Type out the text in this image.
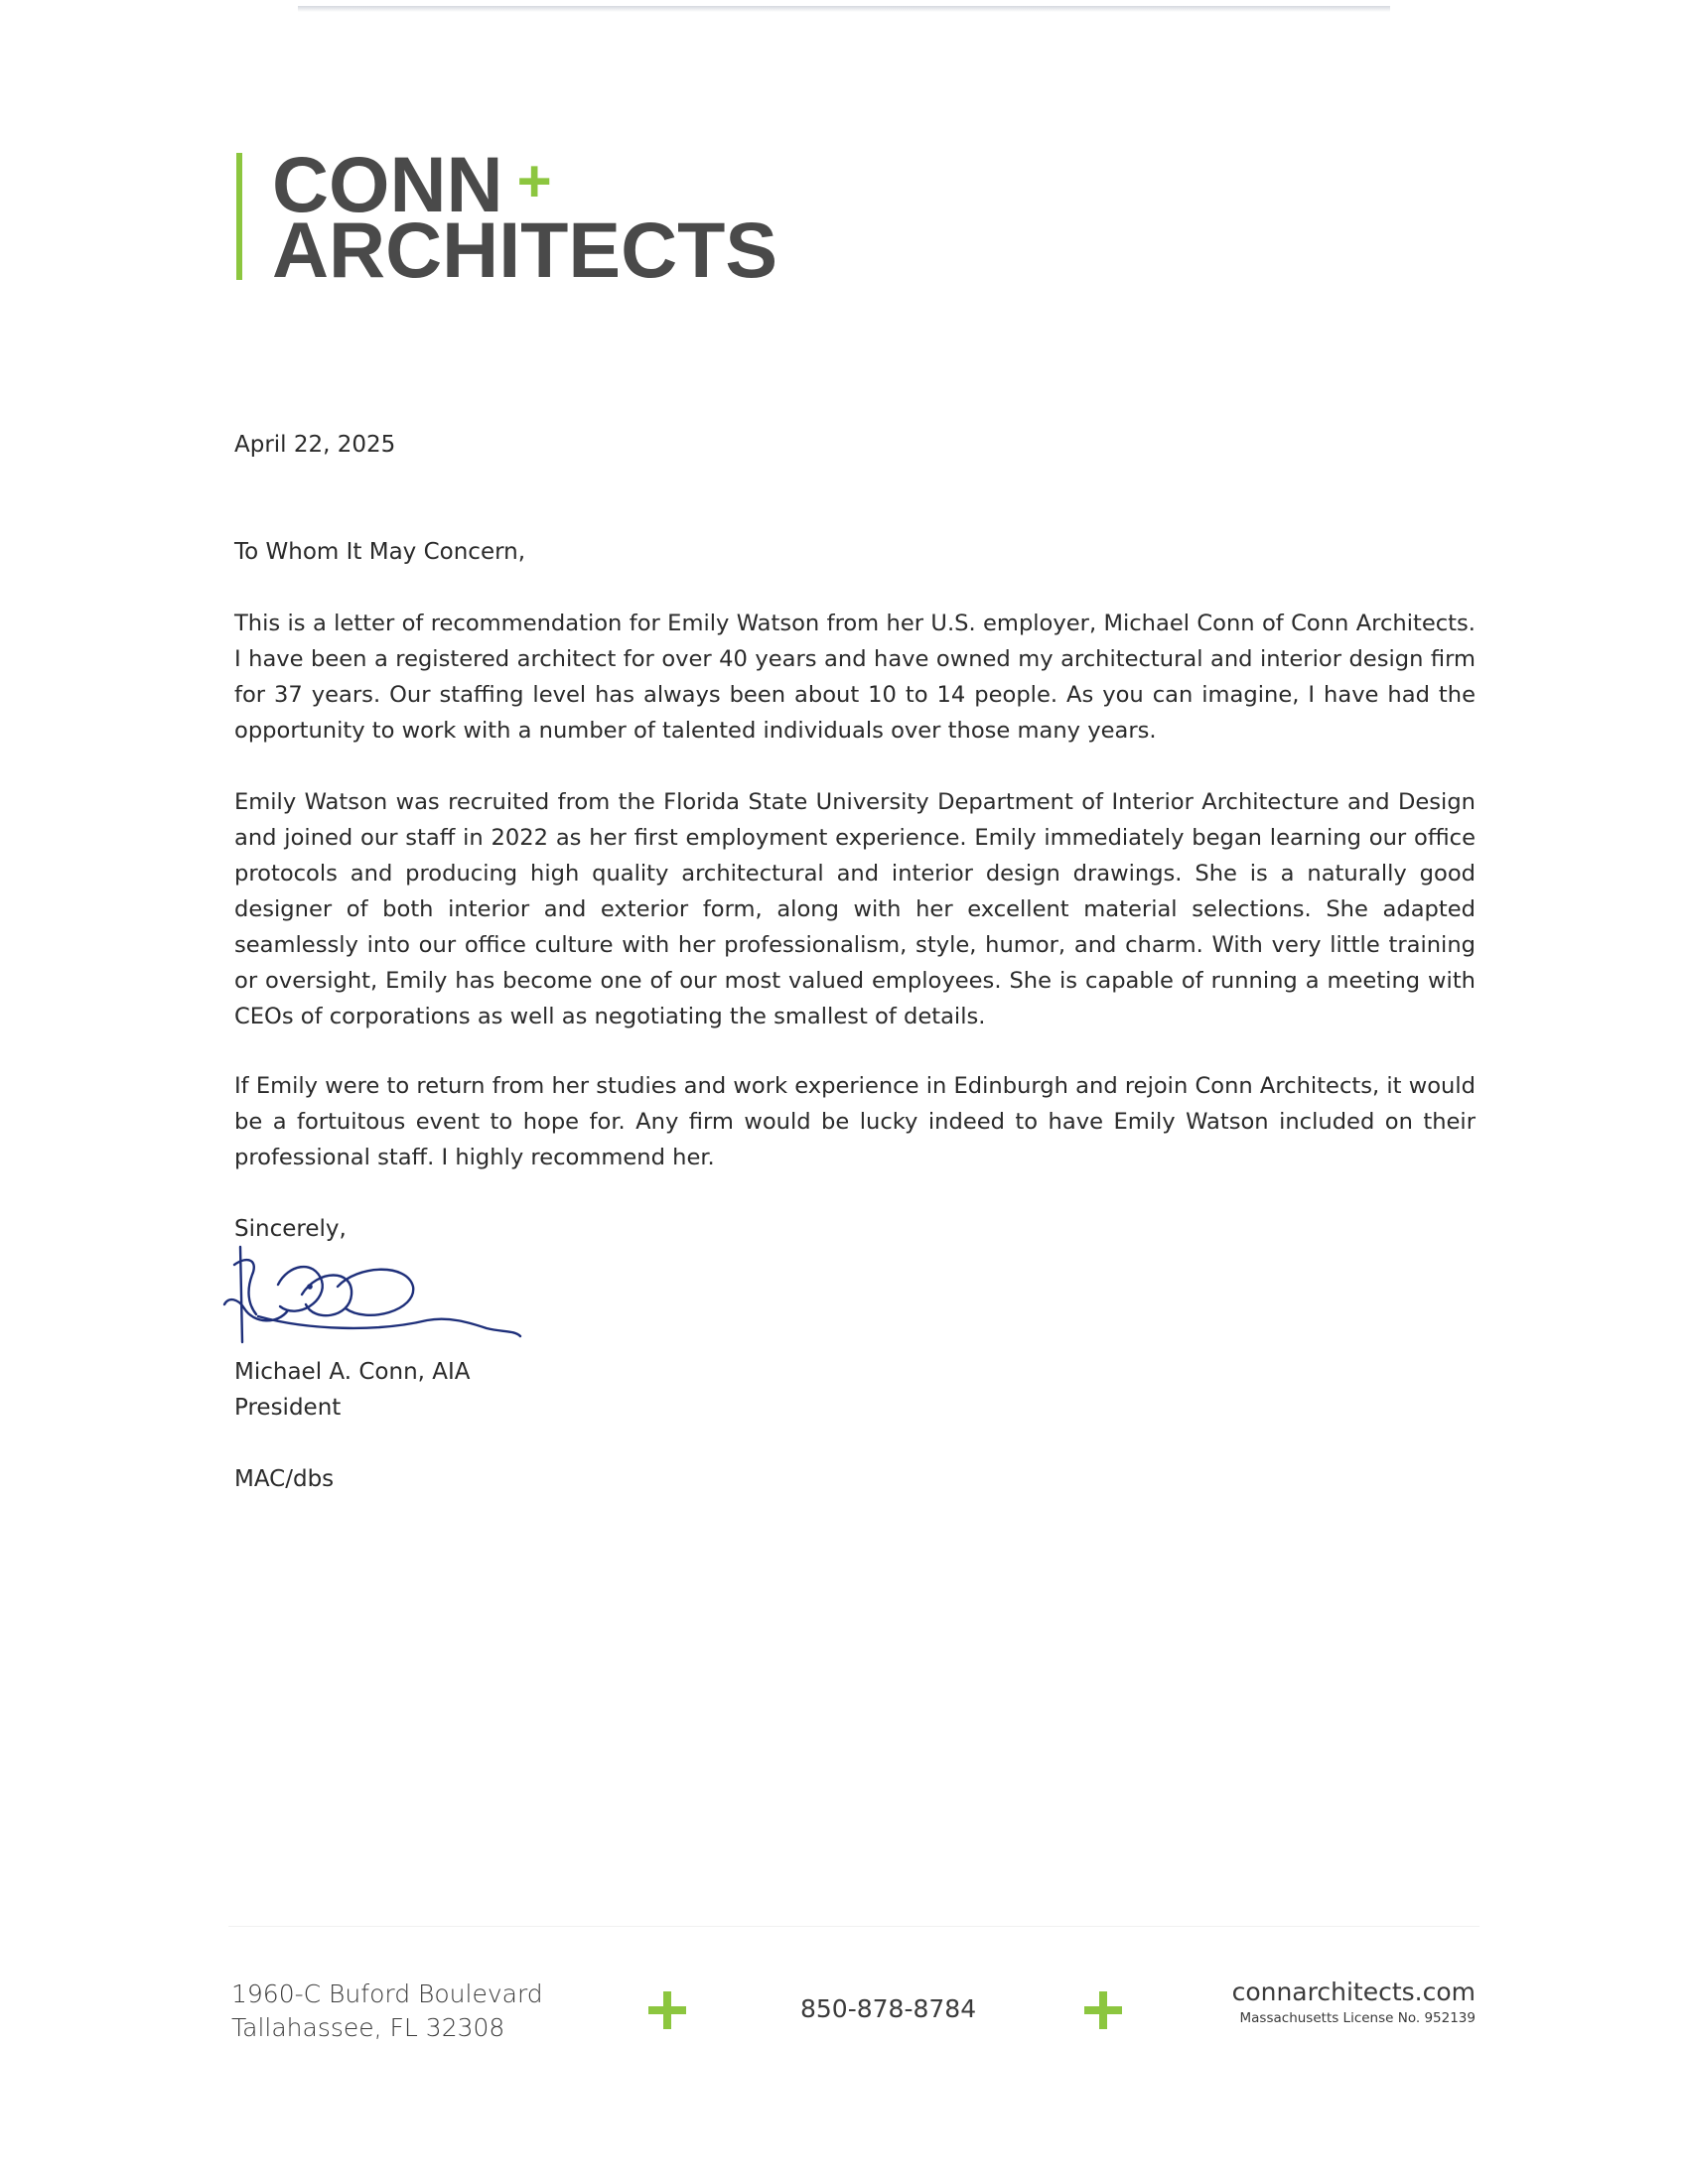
CONN +
ARCHITECTS
April 22, 2025
To Whom It May Concern,

This is a letter of recommendation for Emily Watson from her U.S. employer, Michael Conn of Conn Architects. I have been a registered architect for over 40 years and have owned my architectural and interior design firm for 37 years. Our staffing level has always been about 10 to 14 people. As you can imagine, I have had the opportunity to work with a number of talented individuals over those many years.

Emily Watson was recruited from the Florida State University Department of Interior Architecture and Design and joined our staff in 2022 as her first employment experience. Emily immediately began learning our office protocols and producing high quality architectural and interior design drawings. She is a naturally good designer of both interior and exterior form, along with her excellent material selections. She adapted seamlessly into our office culture with her professionalism, style, humor, and charm. With very little training or oversight, Emily has become one of our most valued employees. She is capable of running a meeting with CEOs of corporations as well as negotiating the smallest of details.

If Emily were to return from her studies and work experience in Edinburgh and rejoin Conn Architects, it would be a fortuitous event to hope for. Any firm would be lucky indeed to have Emily Watson included on their professional staff. I highly recommend her.

Sincerely,
Michael A. Conn, AIA
President
MAC/dbs
1960-C Buford Boulevard
Tallahassee, FL 32308
850-878-8784
connarchitects.com
Massachusetts License No. 952139
